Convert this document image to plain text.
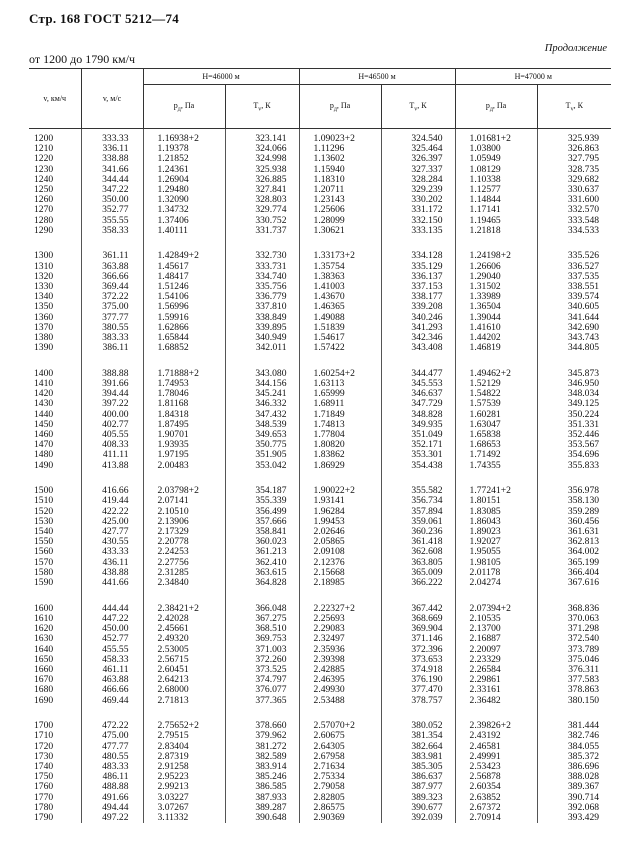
Стр. 168 ГОСТ 5212—74
Продолжение
от 1200 до 1790 км/ч
v, км/ч	v, м/с	H=46000 м		H=46500 м		H=47000 м	
		$p_д$, Па	$T_v$, К	$p_д$, Па	$T_v$, К	$p_д$, Па	$T_v$, К

1200	333.33	1.16938+2	323.141	1.09023+2	324.540	1.01681+2	325.939
1210	336.11	1.19378	324.066	1.11296	325.464	1.03800	326.863
1220	338.88	1.21852	324.998	1.13602	326.397	1.05949	327.795
1230	341.66	1.24361	325.938	1.15940	327.337	1.08129	328.735
1240	344.44	1.26904	326.885	1.18310	328.284	1.10338	329.682
1250	347.22	1.29480	327.841	1.20711	329.239	1.12577	330.637
1260	350.00	1.32090	328.803	1.23143	330.202	1.14844	331.600
1270	352.77	1.34732	329.774	1.25606	331.172	1.17141	332.570
1280	355.55	1.37406	330.752	1.28099	332.150	1.19465	333.548
1290	358.33	1.40111	331.737	1.30621	333.135	1.21818	334.533

1300	361.11	1.42849+2	332.730	1.33173+2	334.128	1.24198+2	335.526
1310	363.88	1.45617	333.731	1.35754	335.129	1.26606	336.527
1320	366.66	1.48417	334.740	1.38363	336.137	1.29040	337.535
1330	369.44	1.51246	335.756	1.41003	337.153	1.31502	338.551
1340	372.22	1.54106	336.779	1.43670	338.177	1.33989	339.574
1350	375.00	1.56996	337.810	1.46365	339.208	1.36504	340.605
1360	377.77	1.59916	338.849	1.49088	340.246	1.39044	341.644
1370	380.55	1.62866	339.895	1.51839	341.293	1.41610	342.690
1380	383.33	1.65844	340.949	1.54617	342.346	1.44202	343.743
1390	386.11	1.68852	342.011	1.57422	343.408	1.46819	344.805

1400	388.88	1.71888+2	343.080	1.60254+2	344.477	1.49462+2	345.873
1410	391.66	1.74953	344.156	1.63113	345.553	1.52129	346.950
1420	394.44	1.78046	345.241	1.65999	346.637	1.54822	348.034
1430	397.22	1.81168	346.332	1.68911	347.729	1.57539	349.125
1440	400.00	1.84318	347.432	1.71849	348.828	1.60281	350.224
1450	402.77	1.87495	348.539	1.74813	349.935	1.63047	351.331
1460	405.55	1.90701	349.653	1.77804	351.049	1.65838	352.446
1470	408.33	1.93935	350.775	1.80820	352.171	1.68653	353.567
1480	411.11	1.97195	351.905	1.83862	353.301	1.71492	354.696
1490	413.88	2.00483	353.042	1.86929	354.438	1.74355	355.833

1500	416.66	2.03798+2	354.187	1.90022+2	355.582	1.77241+2	356.978
1510	419.44	2.07141	355.339	1.93141	356.734	1.80151	358.130
1520	422.22	2.10510	356.499	1.96284	357.894	1.83085	359.289
1530	425.00	2.13906	357.666	1.99453	359.061	1.86043	360.456
1540	427.77	2.17329	358.841	2.02646	360.236	1.89023	361.631
1550	430.55	2.20778	360.023	2.05865	361.418	1.92027	362.813
1560	433.33	2.24253	361.213	2.09108	362.608	1.95055	364.002
1570	436.11	2.27756	362.410	2.12376	363.805	1.98105	365.199
1580	438.88	2.31285	363.615	2.15668	365.009	2.01178	366.404
1590	441.66	2.34840	364.828	2.18985	366.222	2.04274	367.616

1600	444.44	2.38421+2	366.048	2.22327+2	367.442	2.07394+2	368.836
1610	447.22	2.42028	367.275	2.25693	368.669	2.10535	370.063
1620	450.00	2.45661	368.510	2.29083	369.904	2.13700	371.298
1630	452.77	2.49320	369.753	2.32497	371.146	2.16887	372.540
1640	455.55	2.53005	371.003	2.35936	372.396	2.20097	373.789
1650	458.33	2.56715	372.260	2.39398	373.653	2.23329	375.046
1660	461.11	2.60451	373.525	2.42885	374.918	2.26584	376.311
1670	463.88	2.64213	374.797	2.46395	376.190	2.29861	377.583
1680	466.66	2.68000	376.077	2.49930	377.470	2.33161	378.863
1690	469.44	2.71813	377.365	2.53488	378.757	2.36482	380.150

1700	472.22	2.75652+2	378.660	2.57070+2	380.052	2.39826+2	381.444
1710	475.00	2.79515	379.962	2.60675	381.354	2.43192	382.746
1720	477.77	2.83404	381.272	2.64305	382.664	2.46581	384.055
1730	480.55	2.87319	382.589	2.67958	383.981	2.49991	385.372
1740	483.33	2.91258	383.914	2.71634	385.305	2.53423	386.696
1750	486.11	2.95223	385.246	2.75334	386.637	2.56878	388.028
1760	488.88	2.99213	386.585	2.79058	387.977	2.60354	389.367
1770	491.66	3.03227	387.933	2.82805	389.323	2.63852	390.714
1780	494.44	3.07267	389.287	2.86575	390.677	2.67372	392.068
1790	497.22	3.11332	390.648	2.90369	392.039	2.70914	393.429
